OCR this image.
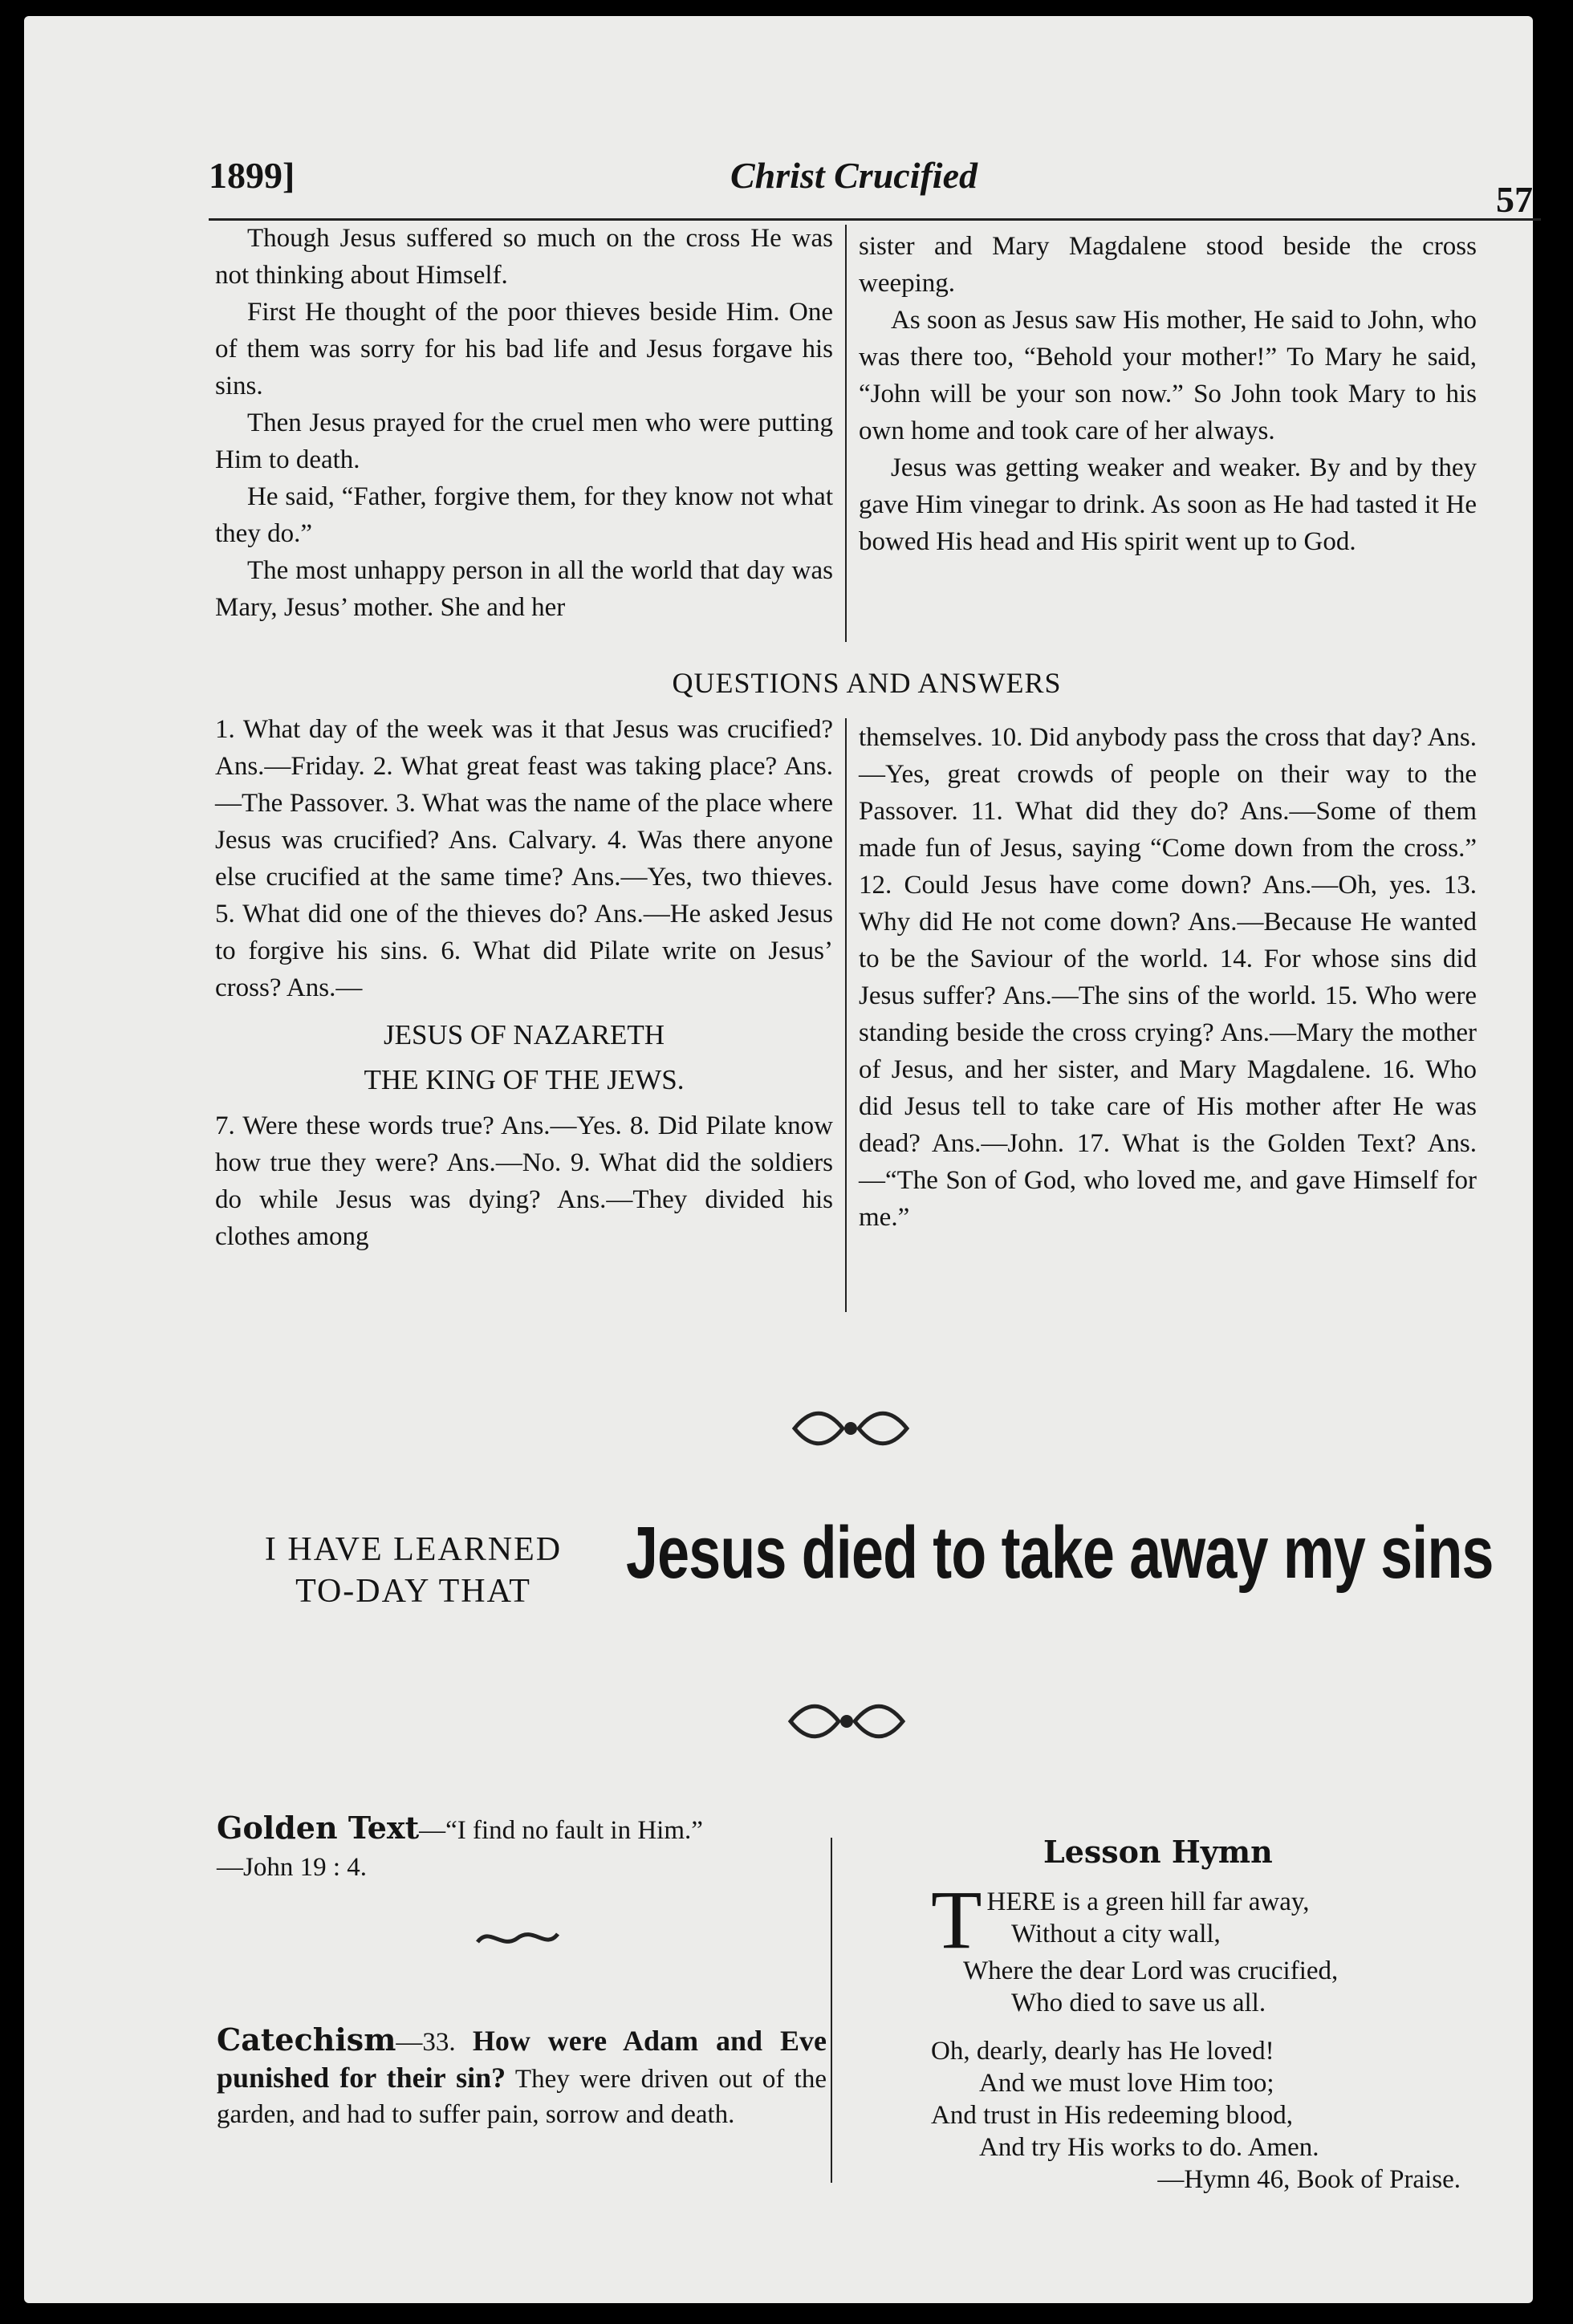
1899]	Christ Crucified
57

Though Jesus suffered so much on the cross He was not thinking about Himself.

First He thought of the poor thieves beside Him. One of them was sorry for his bad life and Jesus forgave his sins.

Then Jesus prayed for the cruel men who were putting Him to death.

He said, “Father, forgive them, for they know not what they do.”

The most unhappy person in all the world that day was Mary, Jesus’ mother. She and her

sister and Mary Magdalene stood beside the cross weeping.

As soon as Jesus saw His mother, He said to John, who was there too, “Behold your mother!” To Mary he said, “John will be your son now.” So John took Mary to his own home and took care of her always.

Jesus was getting weaker and weaker. By and by they gave Him vinegar to drink. As soon as He had tasted it He bowed His head and His spirit went up to God.

QUESTIONS AND ANSWERS

1. What day of the week was it that Jesus was crucified? Ans.—Friday. 2. What great feast was taking place? Ans.—The Passover. 3. What was the name of the place where Jesus was crucified? Ans. Calvary. 4. Was there anyone else crucified at the same time? Ans.—Yes, two thieves. 5. What did one of the thieves do? Ans.—He asked Jesus to forgive his sins. 6. What did Pilate write on Jesus’ cross? Ans.—

JESUS OF NAZARETH

THE KING OF THE JEWS.

7. Were these words true? Ans.—Yes. 8. Did Pilate know how true they were? Ans.—No. 9. What did the soldiers do while Jesus was dying? Ans.—They divided his clothes among

themselves. 10. Did anybody pass the cross that day? Ans.—Yes, great crowds of people on their way to the Passover. 11. What did they do? Ans.—Some of them made fun of Jesus, saying “Come down from the cross.” 12. Could Jesus have come down? Ans.—Oh, yes. 13. Why did He not come down? Ans.—Because He wanted to be the Saviour of the world. 14. For whose sins did Jesus suffer? Ans.—The sins of the world. 15. Who were standing beside the cross crying? Ans.—Mary the mother of Jesus, and her sister, and Mary Magdalene. 16. Who did Jesus tell to take care of His mother after He was dead? Ans.—John. 17. What is the Golden Text? Ans.—“The Son of God, who loved me, and gave Himself for me.”

I HAVE LEARNED
TO-DAY THAT	Jesus died to take away my sins
Golden Text—“I find no fault in Him.”
—John 19 : 4.
Catechism—33. How were Adam and Eve punished for their sin? They were driven out of the garden, and had to suffer pain, sorrow and death.
Lesson Hymn
THERE is a green hill far away,
Without a city wall,
Where the dear Lord was crucified,
Who died to save us all.
Oh, dearly, dearly has He loved!
And we must love Him too;
And trust in His redeeming blood,
And try His works to do. Amen.
—Hymn 46, Book of Praise.
